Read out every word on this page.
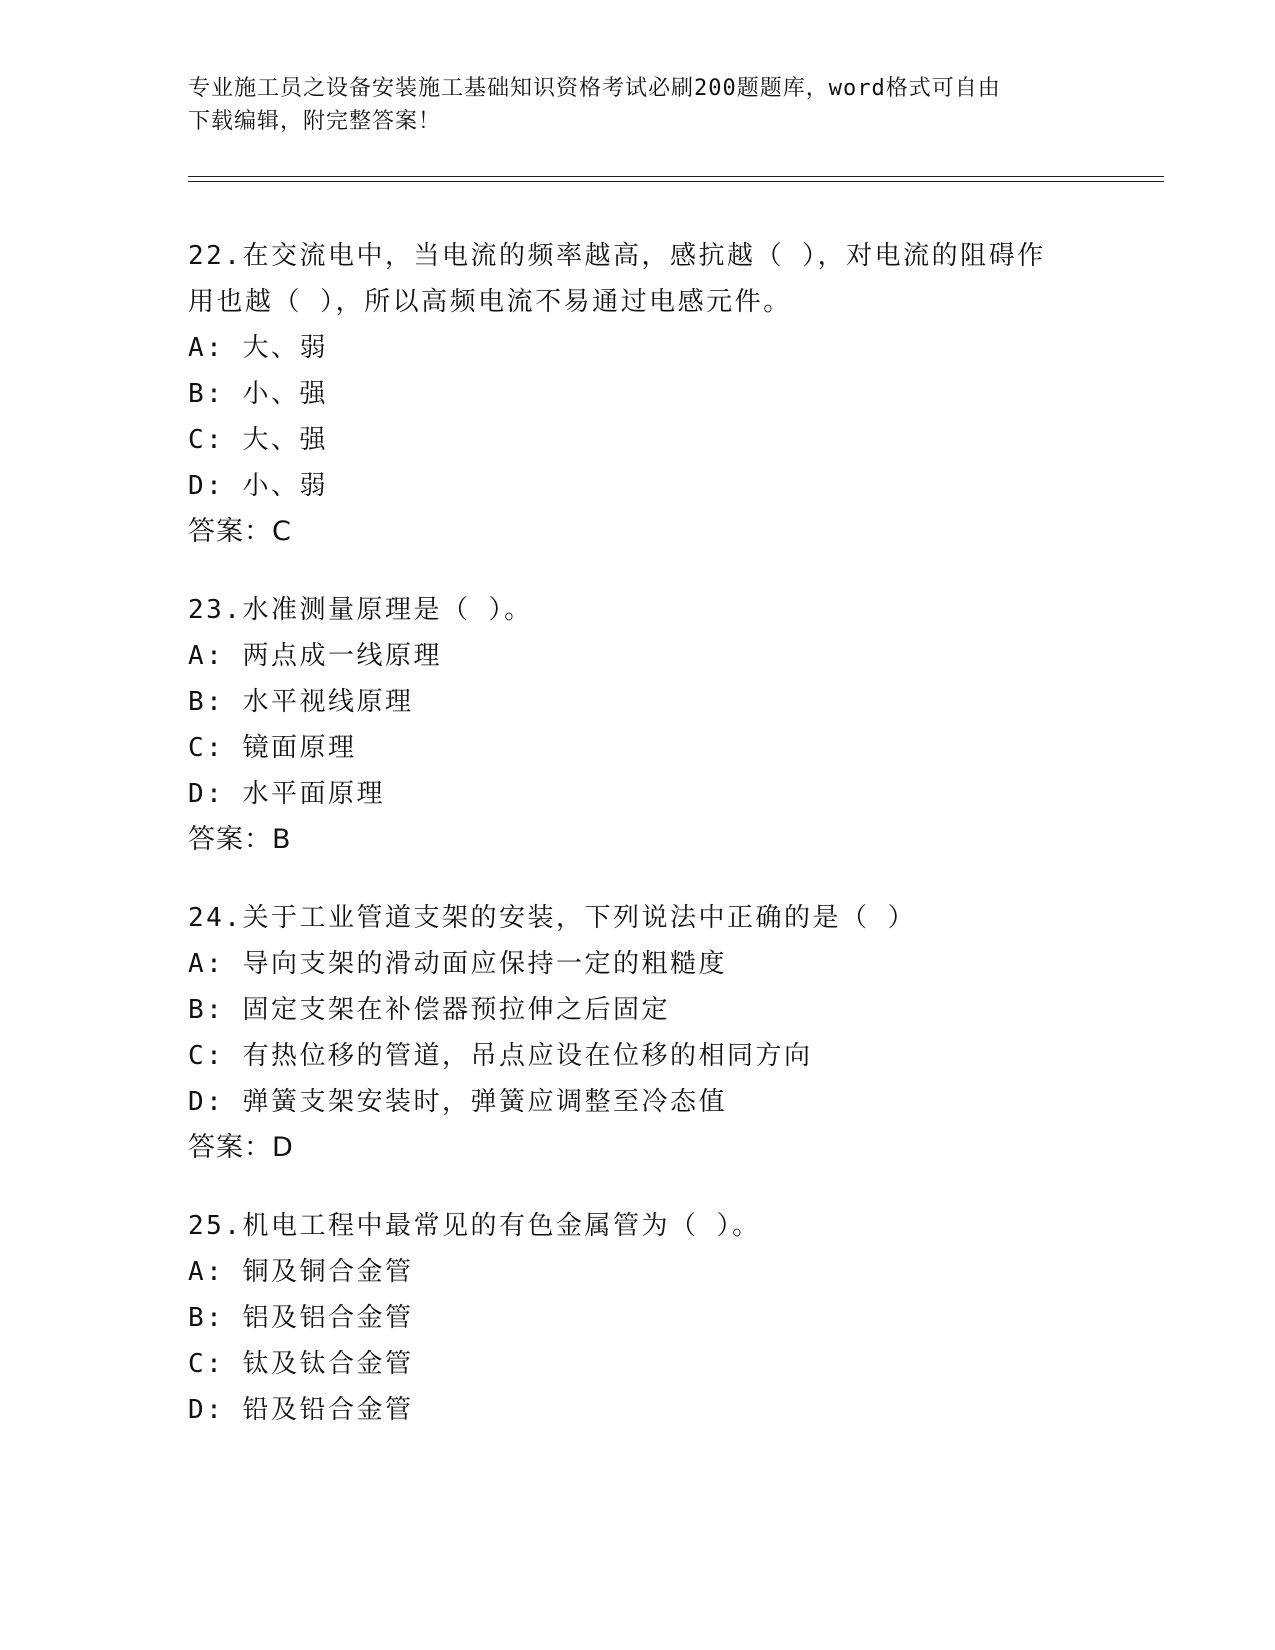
专业施工员之设备安装施工基础知识资格考试必刷200题题库，word格式可自由
下载编辑，附完整答案！
22.在交流电中，当电流的频率越高，感抗越（ ），对电流的阻碍作
用也越（ ），所以高频电流不易通过电感元件。
A: 大、弱
B: 小、强
C: 大、强
D: 小、弱
答案：C
23.水准测量原理是（ ）。
A: 两点成一线原理
B: 水平视线原理
C: 镜面原理
D: 水平面原理
答案：B
24.关于工业管道支架的安装，下列说法中正确的是（ ）
A: 导向支架的滑动面应保持一定的粗糙度
B: 固定支架在补偿器预拉伸之后固定
C: 有热位移的管道，吊点应设在位移的相同方向
D: 弹簧支架安装时，弹簧应调整至冷态值
答案：D
25.机电工程中最常见的有色金属管为（ ）。
A: 铜及铜合金管
B: 铝及铝合金管
C: 钛及钛合金管
D: 铅及铅合金管
